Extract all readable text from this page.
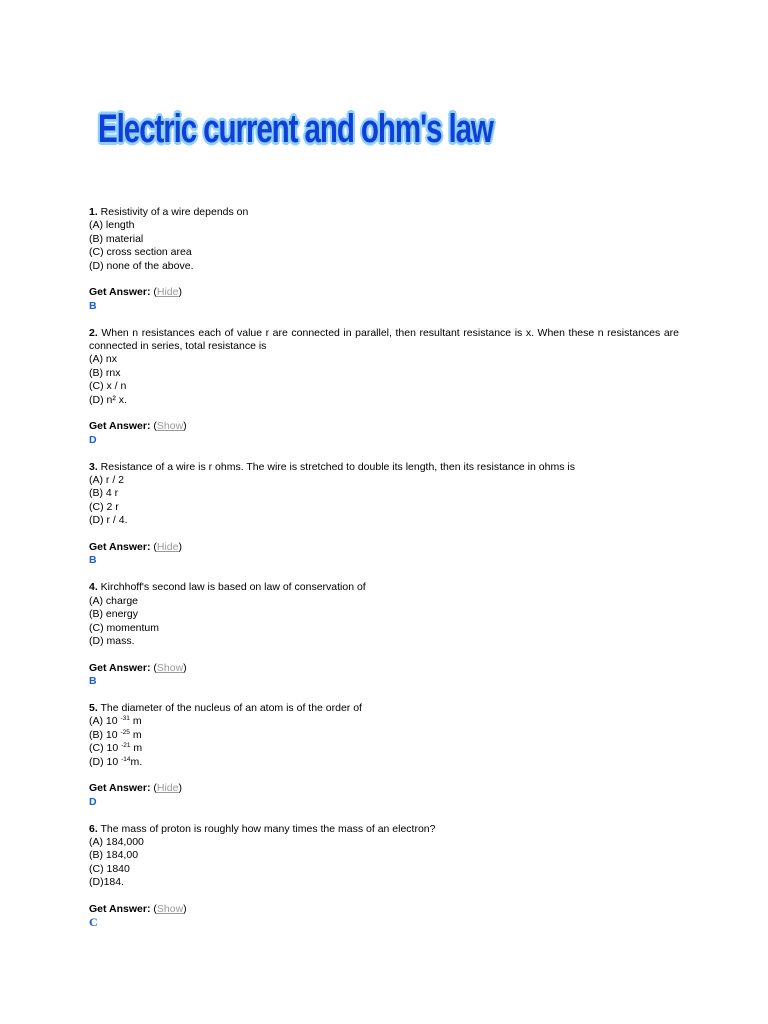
Electric current and ohm's law

1. Resistivity of a wire depends on

(A) length

(B) material

(C) cross section area

(D) none of the above.

Get Answer: (Hide)

B

2. When n resistances each of value r are connected in parallel, then resultant resistance is x. When these n resistances are connected in series, total resistance is

(A) nx

(B) rnx

(C) x / n

(D) n² x.

Get Answer: (Show)

D

3. Resistance of a wire is r ohms. The wire is stretched to double its length, then its resistance in ohms is

(A) r / 2

(B) 4 r

(C) 2 r

(D) r / 4.

Get Answer: (Hide)

B

4. Kirchhoff's second law is based on law of conservation of

(A) charge

(B) energy

(C) momentum

(D) mass.

Get Answer: (Show)

B

5. The diameter of the nucleus of an atom is of the order of

(A) 10 $^{-31}$ m

(B) 10 $^{-25}$ m

(C) 10 $^{-21}$ m

(D) 10 $^{-14}$m.

Get Answer: (Hide)

D

6. The mass of proton is roughly how many times the mass of an electron?

(A) 184,000

(B) 184,00

(C) 1840

(D)184.

Get Answer: (Show)

C
